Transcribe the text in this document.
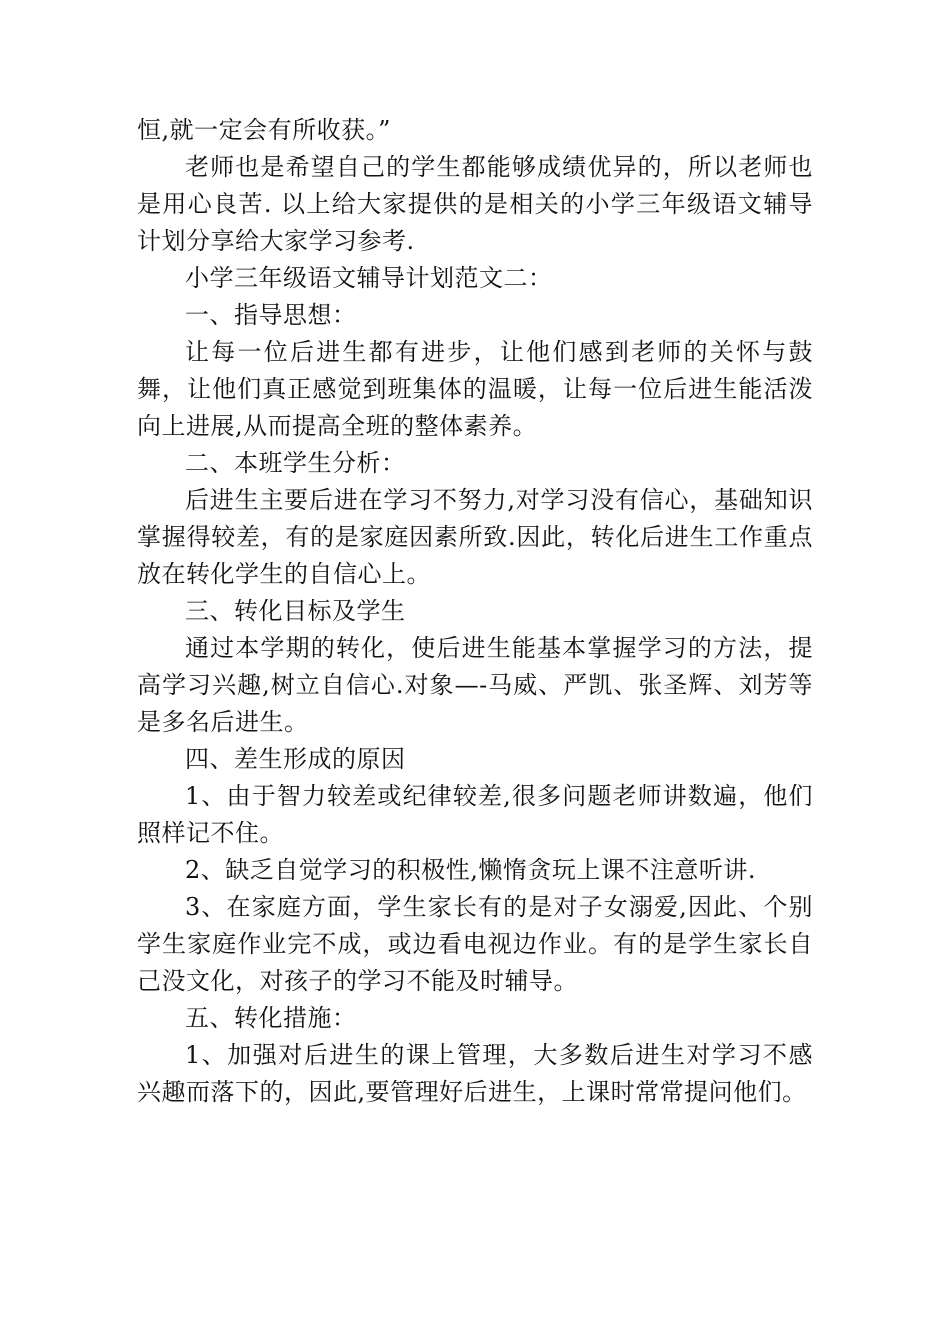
恒,就一定会有所收获。”

老师也是希望自己的学生都能够成绩优异的，所以老师也是用心良苦. 以上给大家提供的是相关的小学三年级语文辅导计划分享给大家学习参考.

小学三年级语文辅导计划范文二：

一、指导思想：

让每一位后进生都有进步，让他们感到老师的关怀与鼓舞，让他们真正感觉到班集体的温暖，让每一位后进生能活泼向上进展,从而提高全班的整体素养。

二、本班学生分析：

后进生主要后进在学习不努力,对学习没有信心，基础知识掌握得较差，有的是家庭因素所致.因此，转化后进生工作重点放在转化学生的自信心上。

三、转化目标及学生

通过本学期的转化，使后进生能基本掌握学习的方法，提高学习兴趣,树立自信心.对象—-马威、严凯、张圣辉、刘芳等是多名后进生。

四、差生形成的原因

1、由于智力较差或纪律较差,很多问题老师讲数遍，他们照样记不住。

2、缺乏自觉学习的积极性,懒惰贪玩上课不注意听讲.

3、在家庭方面，学生家长有的是对子女溺爱,因此、个别学生家庭作业完不成，或边看电视边作业。有的是学生家长自己没文化，对孩子的学习不能及时辅导。

五、转化措施：

1、加强对后进生的课上管理，大多数后进生对学习不感兴趣而落下的，因此,要管理好后进生，上课时常常提问他们。
